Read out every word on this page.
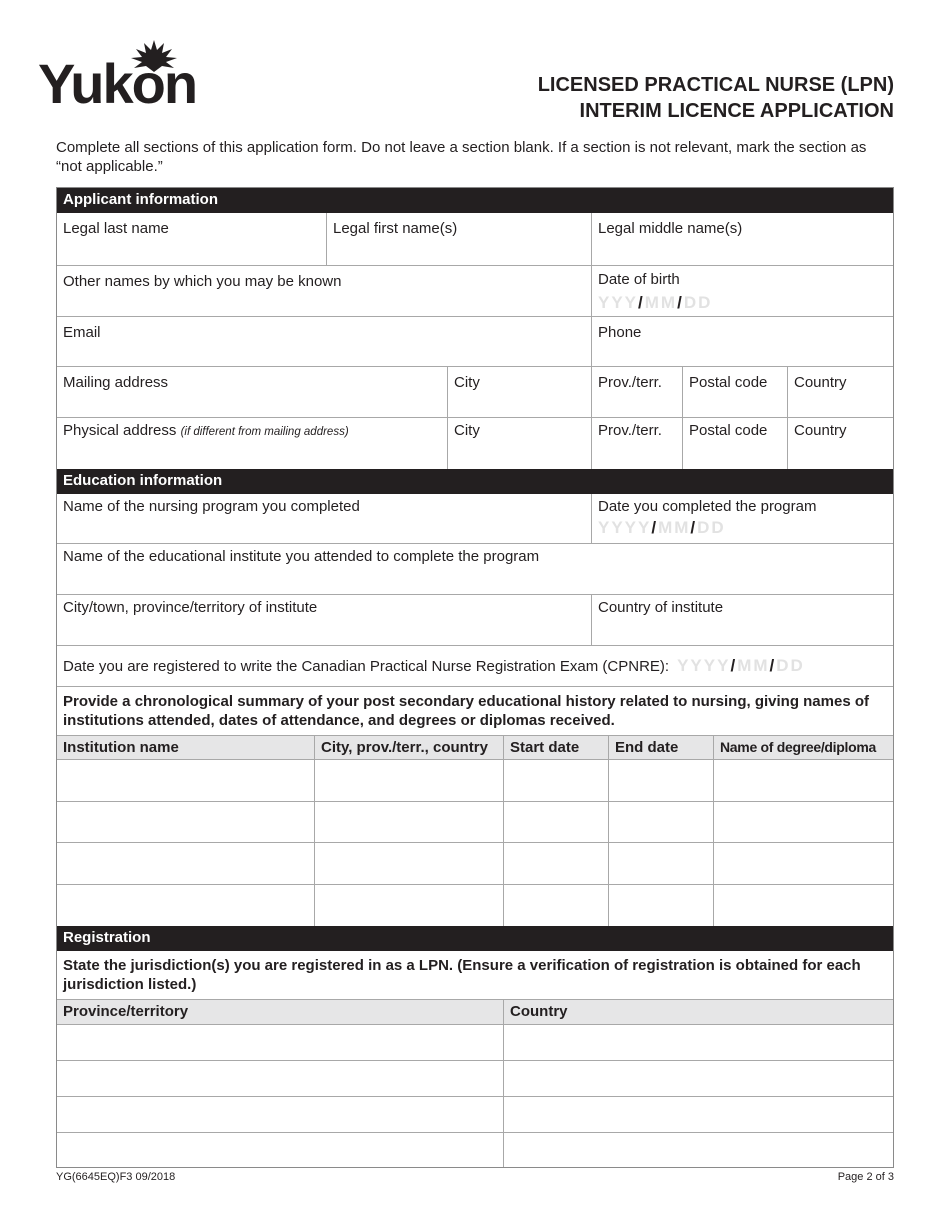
Yukon	LICENSED PRACTICAL NURSE (LPN)
INTERIM LICENCE APPLICATION
Complete all sections of this application form. Do not leave a section blank. If a section is not relevant, mark the section as “not applicable.”
Applicant information
Legal last name	Legal first name(s)	Legal middle name(s)
Other names by which you may be known	Date of birth
YYY/MM/DD
Email	Phone
Mailing address	City	Prov./terr.	Postal code	Country
Physical address (if different from mailing address)	City	Prov./terr.	Postal code	Country
Education information
Name of the nursing program you completed	Date you completed the program
YYYY/MM/DD
Name of the educational institute you attended to complete the program
City/town, province/territory of institute	Country of institute
Date you are registered to write the Canadian Practical Nurse Registration Exam (CPNRE): YYYY/MM/DD
Provide a chronological summary of your post secondary educational history related to nursing, giving names of institutions attended, dates of attendance, and degrees or diplomas received.
Institution name	City, prov./terr., country	Start date	End date	Name of degree/diploma
Registration
State the jurisdiction(s) you are registered in as a LPN. (Ensure a verification of registration is obtained for each jurisdiction listed.)
Province/territory	Country
YG(6645EQ)F3 09/2018	Page 2 of 3
